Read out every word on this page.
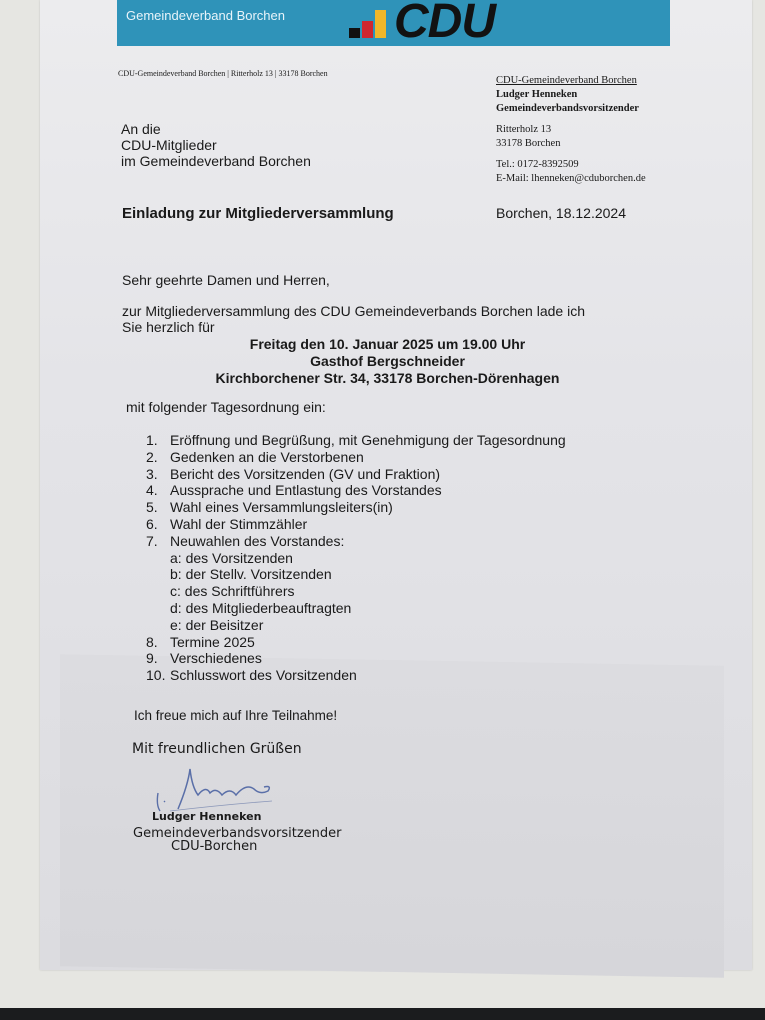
Gemeindeverband Borchen CDU
CDU-Gemeindeverband Borchen | Ritterholz 13 | 33178 Borchen
An die
CDU-Mitglieder
im Gemeindeverband Borchen
CDU-Gemeindeverband Borchen
Ludger Henneken
Gemeindeverbandsvorsitzender
Ritterholz 13
33178 Borchen
Tel.: 0172-8392509
E-Mail: lhenneken@cduborchen.de
Einladung zur Mitgliederversammlung	Borchen, 18.12.2024
Sehr geehrte Damen und Herren,
zur Mitgliederversammlung des CDU Gemeindeverbands Borchen lade ich
Sie herzlich für
Freitag den 10. Januar 2025 um 19.00 Uhr
Gasthof Bergschneider
Kirchborchener Str. 34, 33178 Borchen-Dörenhagen
mit folgender Tagesordnung ein:
1. Eröffnung und Begrüßung, mit Genehmigung der Tagesordnung
2. Gedenken an die Verstorbenen
3. Bericht des Vorsitzenden (GV und Fraktion)
4. Aussprache und Entlastung des Vorstandes
5. Wahl eines Versammlungsleiters(in)
6. Wahl der Stimmzähler
7. Neuwahlen des Vorstandes:
a: des Vorsitzenden
b: der Stellv. Vorsitzenden
c: des Schriftführers
d: des Mitgliederbeauftragten
e: der Beisitzer
8. Termine 2025
9. Verschiedenes
10. Schlusswort des Vorsitzenden
Ich freue mich auf Ihre Teilnahme!
Mit freundlichen Grüßen
Ludger Henneken
Gemeindeverbandsvorsitzender
CDU-Borchen
